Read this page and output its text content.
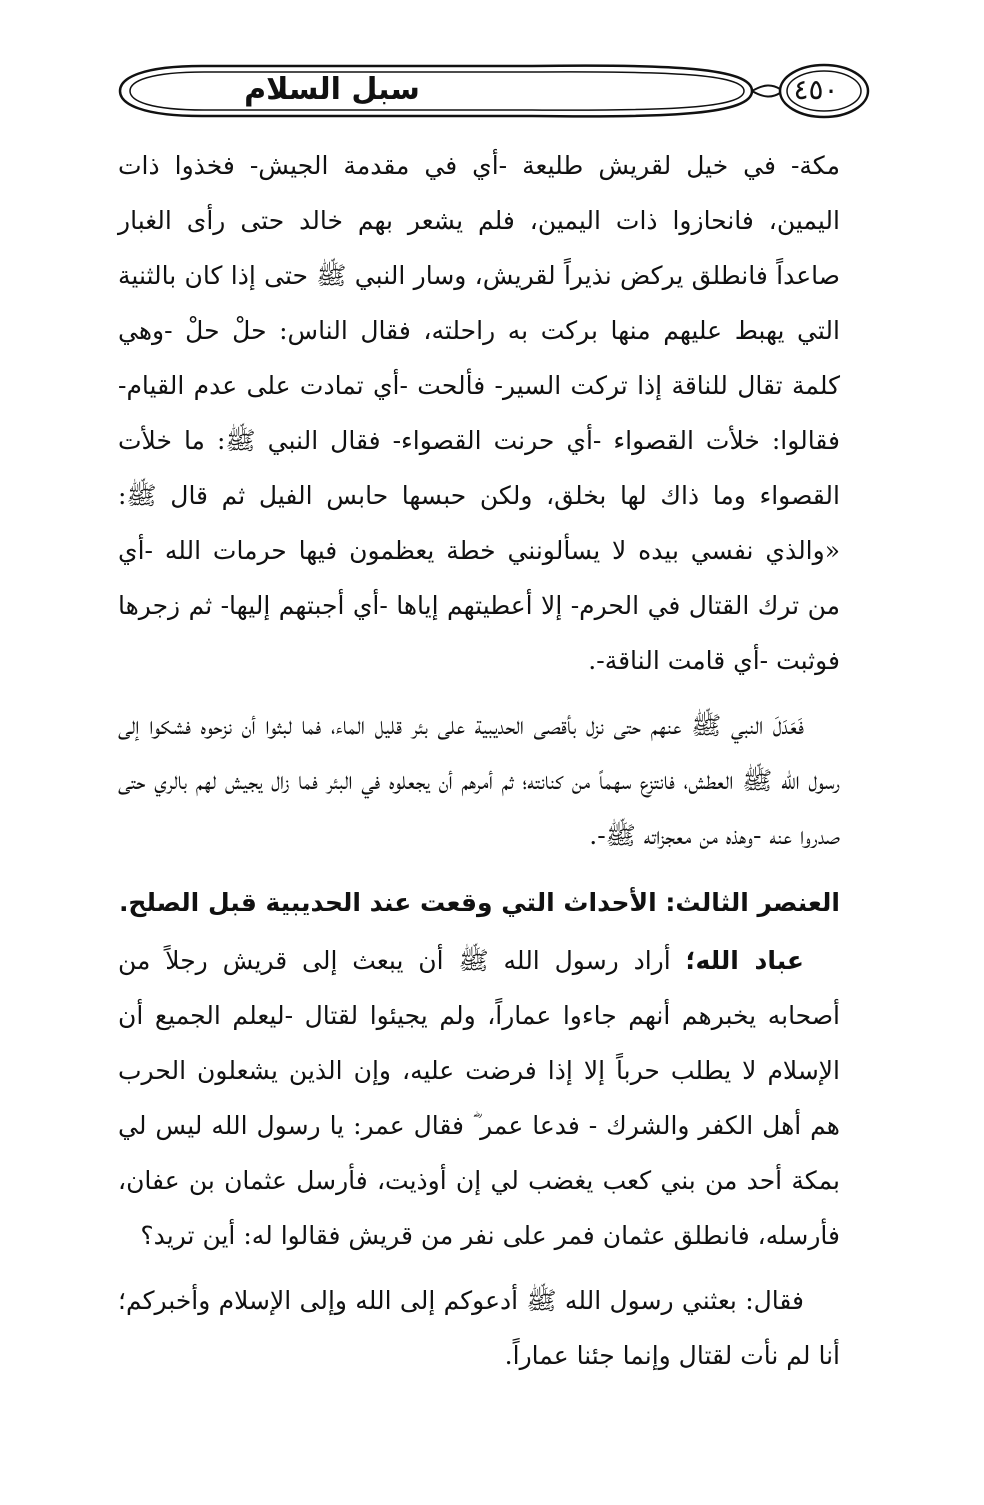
سبل السلام	٤٥٠

مكة- في خيل لقريش طليعة -أي في مقدمة الجيش- فخذوا ذات اليمين، فانحازوا ذات اليمين، فلم يشعر بهم خالد حتى رأى الغبار صاعداً فانطلق يركض نذيراً لقريش، وسار النبي ﷺ حتى إذا كان بالثنية التي يهبط عليهم منها بركت به راحلته، فقال الناس: حلْ حلْ -وهي كلمة تقال للناقة إذا تركت السير- فألحت -أي تمادت على عدم القيام- فقالوا: خلأت القصواء -أي حرنت القصواء- فقال النبي ﷺ: ما خلأت القصواء وما ذاك لها بخلق، ولكن حبسها حابس الفيل ثم قال ﷺ: «والذي نفسي بيده لا يسألونني خطة يعظمون فيها حرمات الله -أي من ترك القتال في الحرم- إلا أعطيتهم إياها -أي أجبتهم إليها- ثم زجرها فوثبت -أي قامت الناقة-.

فَعَدَلَ النبي ﷺ عنهم حتى نزل بأقصى الحديبية على بئر قليل الماء، فما لبثوا أن نزحوه فشكوا إلى رسول الله ﷺ العطش، فانتزع سهماً من كنانته؛ ثم أمرهم أن يجعلوه في البئر فما زال يجيش لهم بالري حتى صدروا عنه -وهذه من معجزاته ﷺ-.

العنصر الثالث: الأحداث التي وقعت عند الحديبية قبل الصلح.

عباد الله؛ أراد رسول الله ﷺ أن يبعث إلى قريش رجلاً من أصحابه يخبرهم أنهم جاءوا عماراً، ولم يجيئوا لقتال -ليعلم الجميع أن الإسلام لا يطلب حرباً إلا إذا فرضت عليه، وإن الذين يشعلون الحرب هم أهل الكفر والشرك - فدعا عمر ؓ فقال عمر: يا رسول الله ليس لي بمكة أحد من بني كعب يغضب لي إن أوذيت، فأرسل عثمان بن عفان، فأرسله، فانطلق عثمان فمر على نفر من قريش فقالوا له: أين تريد؟

فقال: بعثني رسول الله ﷺ أدعوكم إلى الله وإلى الإسلام وأخبركم؛ أنا لم نأت لقتال وإنما جئنا عماراً.
